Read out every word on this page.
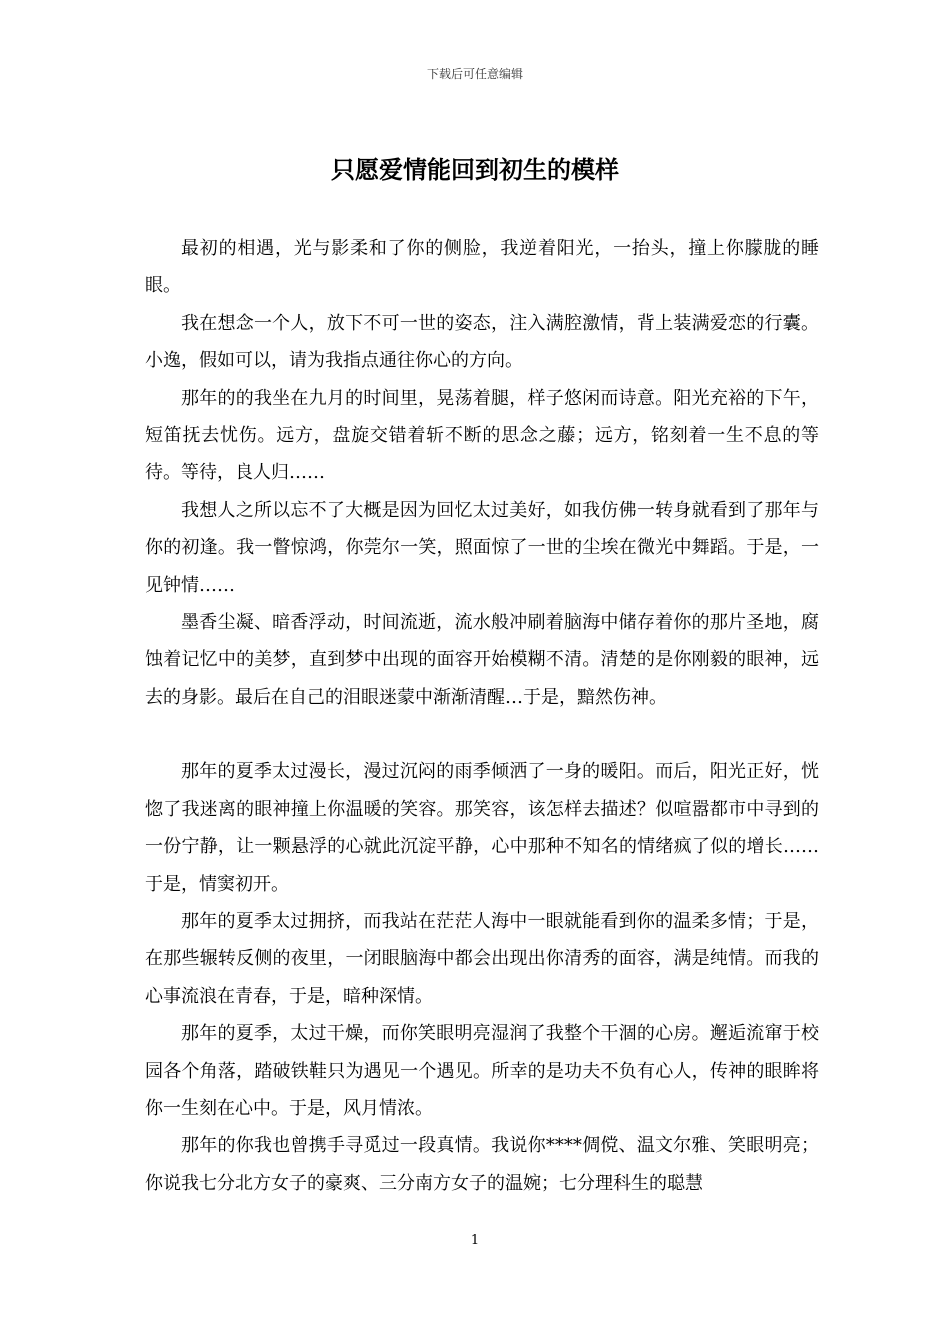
下载后可任意编辑
只愿爱情能回到初生的模样

最初的相遇，光与影柔和了你的侧脸，我逆着阳光，一抬头，撞上你朦胧的睡眼。

我在想念一个人，放下不可一世的姿态，注入满腔激情，背上装满爱恋的行囊。小逸，假如可以，请为我指点通往你心的方向。

那年的的我坐在九月的时间里，晃荡着腿，样子悠闲而诗意。阳光充裕的下午，短笛抚去忧伤。远方，盘旋交错着斩不断的思念之藤；远方，铭刻着一生不息的等待。等待，良人归……

我想人之所以忘不了大概是因为回忆太过美好，如我仿佛一转身就看到了那年与你的初逢。我一瞥惊鸿，你莞尔一笑，照面惊了一世的尘埃在微光中舞蹈。于是，一见钟情……

墨香尘凝、暗香浮动，时间流逝，流水般冲刷着脑海中储存着你的那片圣地，腐蚀着记忆中的美梦，直到梦中出现的面容开始模糊不清。清楚的是你刚毅的眼神，远去的身影。最后在自己的泪眼迷蒙中渐渐清醒…于是，黯然伤神。

那年的夏季太过漫长，漫过沉闷的雨季倾洒了一身的暖阳。而后，阳光正好，恍惚了我迷离的眼神撞上你温暖的笑容。那笑容，该怎样去描述？似喧嚣都市中寻到的一份宁静，让一颗悬浮的心就此沉淀平静，心中那种不知名的情绪疯了似的增长……于是，情窦初开。

那年的夏季太过拥挤，而我站在茫茫人海中一眼就能看到你的温柔多情；于是，在那些辗转反侧的夜里，一闭眼脑海中都会出现出你清秀的面容，满是纯情。而我的心事流浪在青春，于是，暗种深情。

那年的夏季，太过干燥，而你笑眼明亮湿润了我整个干涸的心房。邂逅流窜于校园各个角落，踏破铁鞋只为遇见一个遇见。所幸的是功夫不负有心人，传神的眼眸将你一生刻在心中。于是，风月情浓。

那年的你我也曾携手寻觅过一段真情。我说你****倜傥、温文尔雅、笑眼明亮；你说我七分北方女子的豪爽、三分南方女子的温婉；七分理科生的聪慧

1
